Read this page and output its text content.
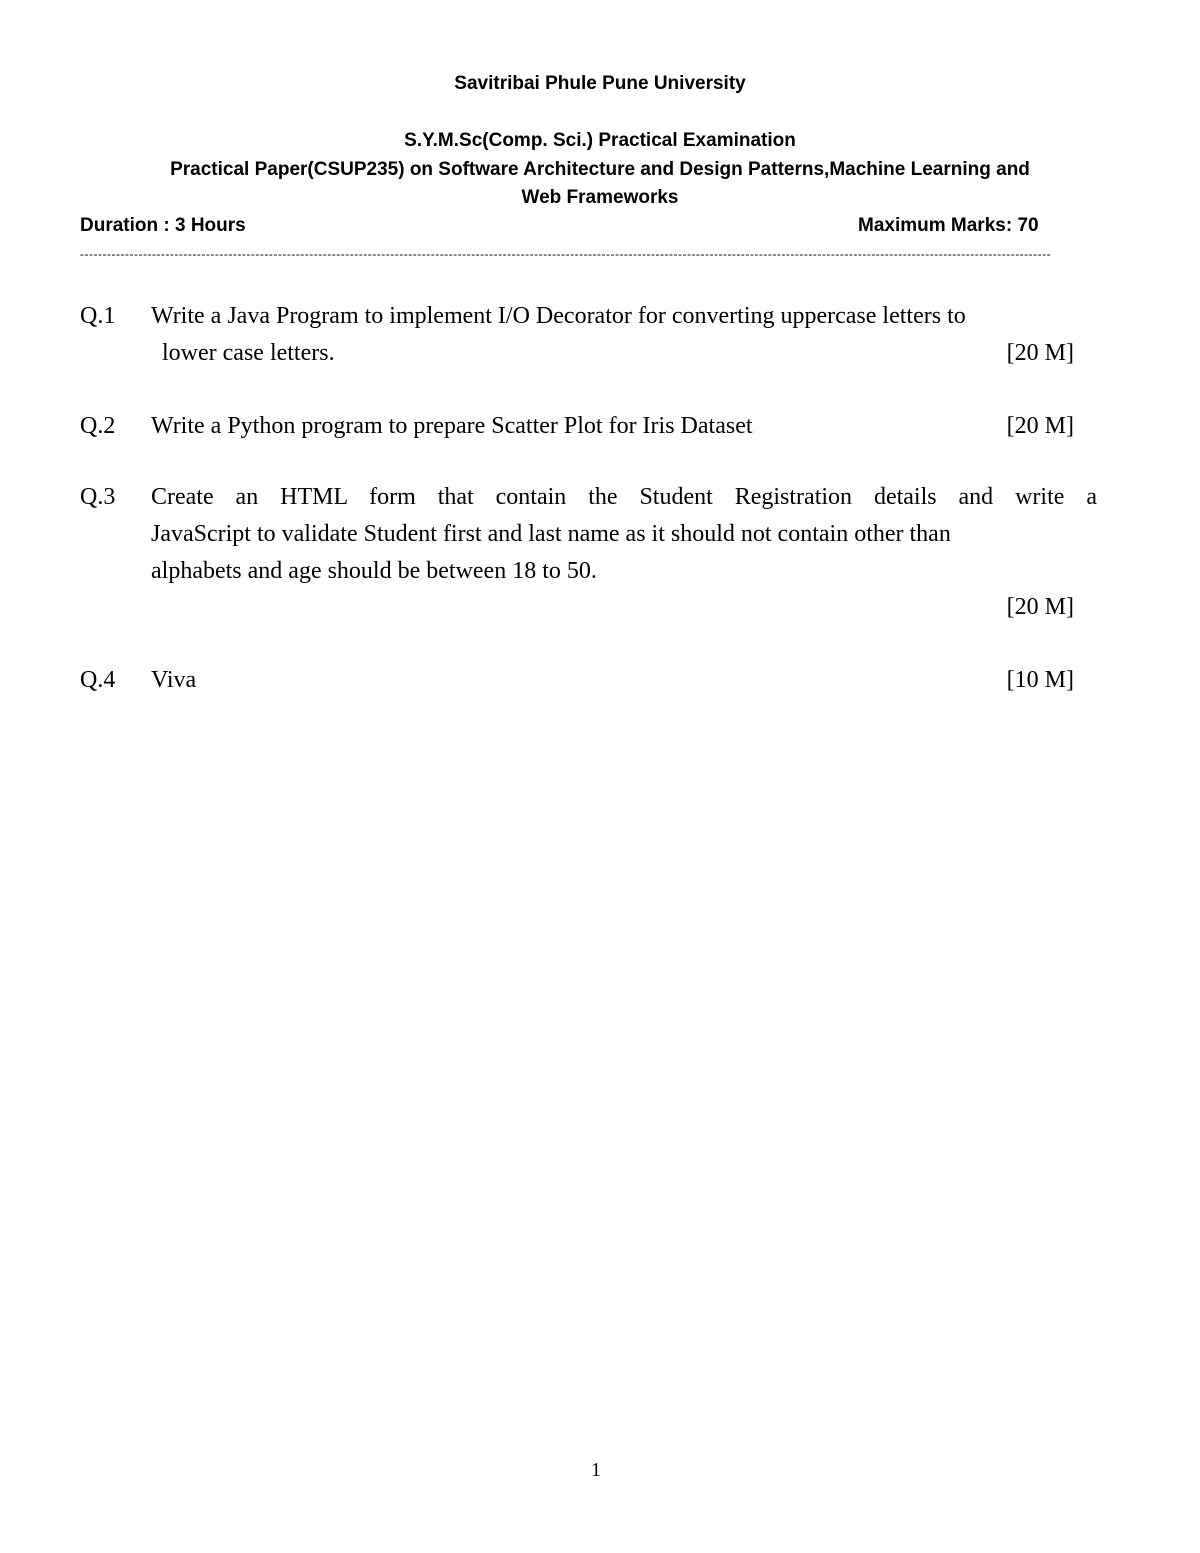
Savitribai Phule Pune University
S.Y.M.Sc(Comp. Sci.) Practical Examination
Practical Paper(CSUP235) on Software Architecture and Design Patterns,Machine Learning and
Web Frameworks
Duration : 3 Hours	Maximum Marks: 70
------------------------------------------------------------------------------------------------------------------------------------------------------------------------------------------------------------------------
Q.1 Write a Java Program to implement I/O Decorator for converting uppercase letters to
lower case letters.	[20 M]
Q.2 Write a Python program to prepare Scatter Plot for Iris Dataset	[20 M]
Q.3 Create an HTML form that contain the Student Registration details and write a
JavaScript to validate Student first and last name as it should not contain other than
alphabets and age should be between 18 to 50.
[20 M]
Q.4 Viva	[10 M]
1
